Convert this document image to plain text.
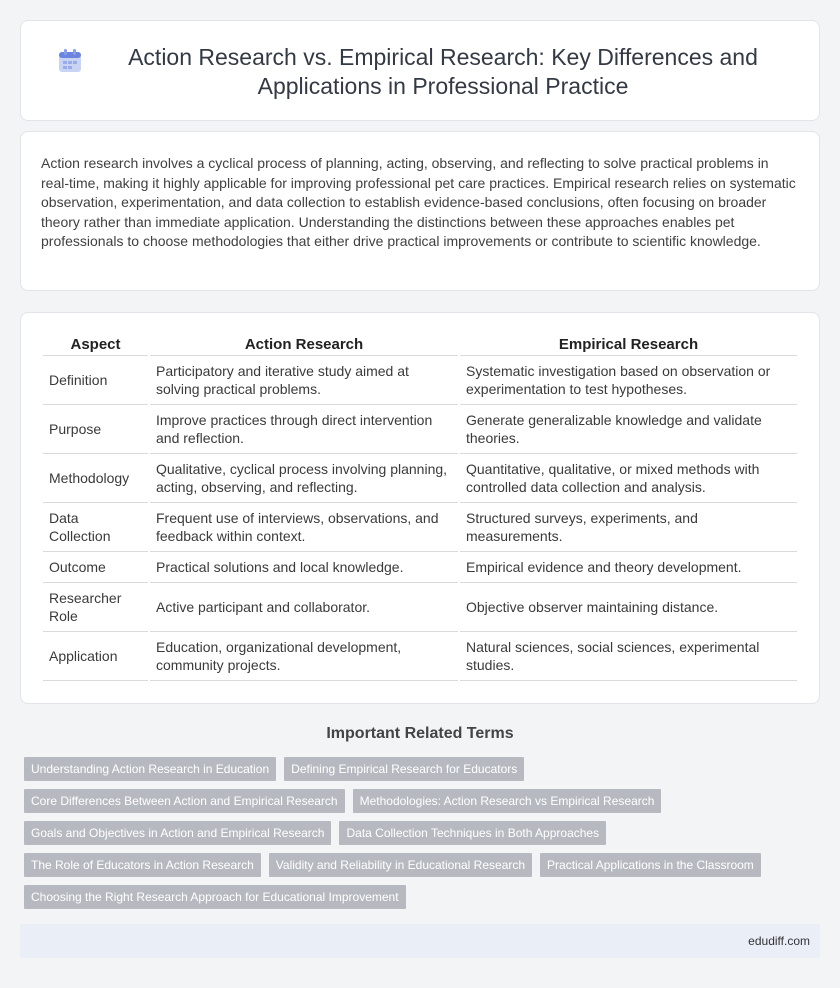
Action Research vs. Empirical Research: Key Differences and Applications in Professional Practice

Action research involves a cyclical process of planning, acting, observing, and reflecting to solve practical problems in real-time, making it highly applicable for improving professional pet care practices. Empirical research relies on systematic observation, experimentation, and data collection to establish evidence-based conclusions, often focusing on broader theory rather than immediate application. Understanding the distinctions between these approaches enables pet professionals to choose methodologies that either drive practical improvements or contribute to scientific knowledge.

Aspect	Action Research	Empirical Research
Definition	Participatory and iterative study aimed at solving practical problems.	Systematic investigation based on observation or experimentation to test hypotheses.
Purpose	Improve practices through direct intervention and reflection.	Generate generalizable knowledge and validate theories.
Methodology	Qualitative, cyclical process involving planning, acting, observing, and reflecting.	Quantitative, qualitative, or mixed methods with controlled data collection and analysis.
Data Collection	Frequent use of interviews, observations, and feedback within context.	Structured surveys, experiments, and measurements.
Outcome	Practical solutions and local knowledge.	Empirical evidence and theory development.
Researcher Role	Active participant and collaborator.	Objective observer maintaining distance.
Application	Education, organizational development, community projects.	Natural sciences, social sciences, experimental studies.
Important Related Terms
Understanding Action Research in Education	Defining Empirical Research for Educators
Core Differences Between Action and Empirical Research	Methodologies: Action Research vs Empirical Research
Goals and Objectives in Action and Empirical Research	Data Collection Techniques in Both Approaches
The Role of Educators in Action Research	Validity and Reliability in Educational Research	Practical Applications in the Classroom
Choosing the Right Research Approach for Educational Improvement
edudiff.com
